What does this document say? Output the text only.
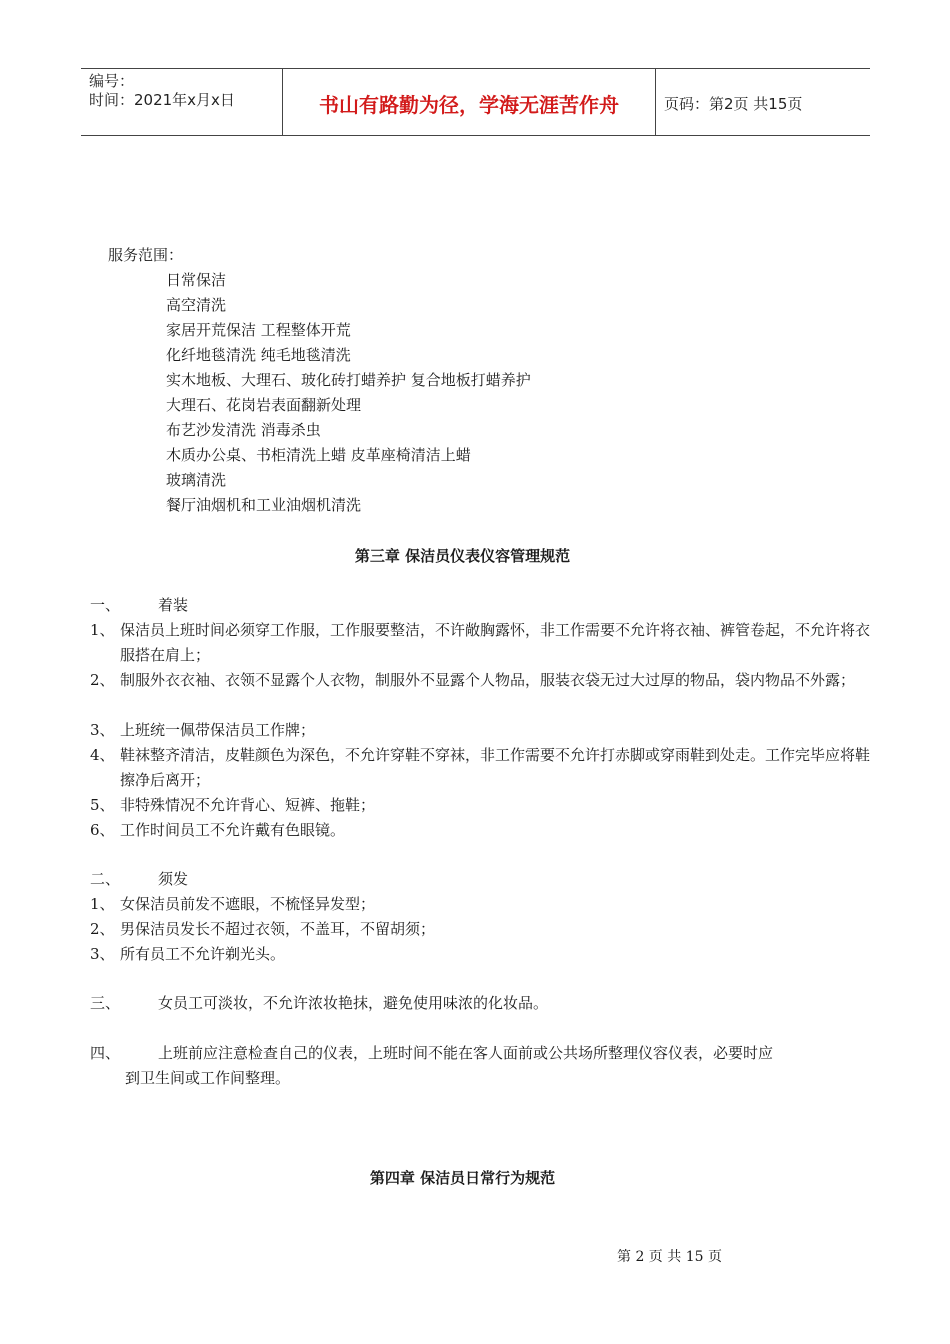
编号：
时间：2021年x月x日	书山有路勤为径，学海无涯苦作舟	页码：第2页 共15页
服务范围：
日常保洁
高空清洗
家居开荒保洁 工程整体开荒
化纤地毯清洗 纯毛地毯清洗
实木地板、大理石、玻化砖打蜡养护 复合地板打蜡养护
大理石、花岗岩表面翻新处理
布艺沙发清洗 消毒杀虫
木质办公桌、书柜清洗上蜡 皮革座椅清洁上蜡
玻璃清洗
餐厅油烟机和工业油烟机清洗
第三章 保洁员仪表仪容管理规范
一、	着装
1、 保洁员上班时间必须穿工作服，工作服要整洁，不许敞胸露怀，非工作需要不允许将衣袖、裤管卷起，不允许将衣服搭在肩上；
2、 制服外衣衣袖、衣领不显露个人衣物，制服外不显露个人物品，服装衣袋无过大过厚的物品，袋内物品不外露；
3、 上班统一佩带保洁员工作牌；
4、 鞋袜整齐清洁，皮鞋颜色为深色，不允许穿鞋不穿袜，非工作需要不允许打赤脚或穿雨鞋到处走。工作完毕应将鞋擦净后离开；
5、 非特殊情况不允许背心、短裤、拖鞋；
6、 工作时间员工不允许戴有色眼镜。
二、	须发
1、 女保洁员前发不遮眼，不梳怪异发型；
2、 男保洁员发长不超过衣领，不盖耳，不留胡须；
3、 所有员工不允许剃光头。
三、	女员工可淡妆，不允许浓妆艳抹，避免使用味浓的化妆品。
四、	上班前应注意检查自己的仪表，上班时间不能在客人面前或公共场所整理仪容仪表，必要时应
到卫生间或工作间整理。
第四章 保洁员日常行为规范
第 2 页 共 15 页
